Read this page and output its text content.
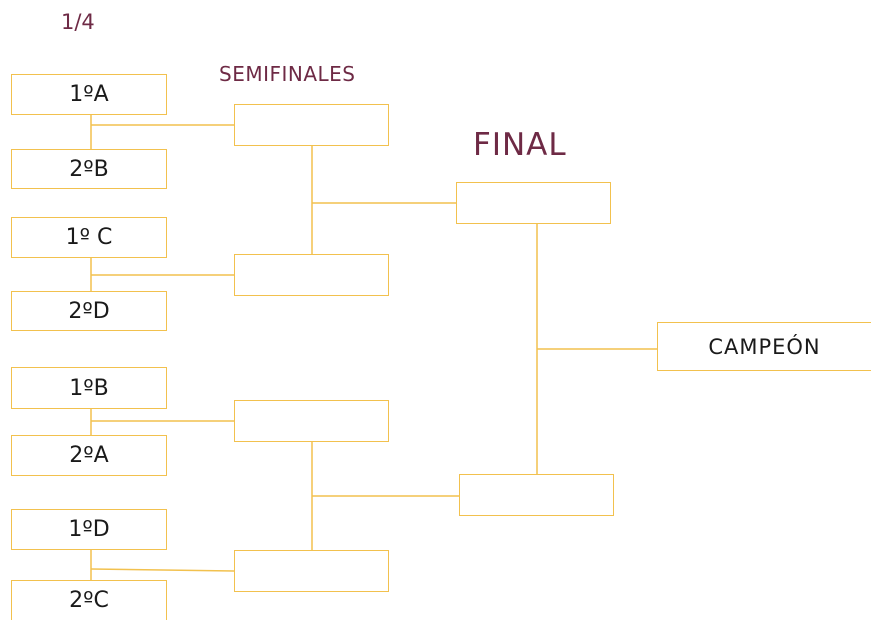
1/4
SEMIFINALES
FINAL
1ºA
2ºB
1º C
2ºD
1ºB
2ºA
1ºD
2ºC
CAMPEÓN
